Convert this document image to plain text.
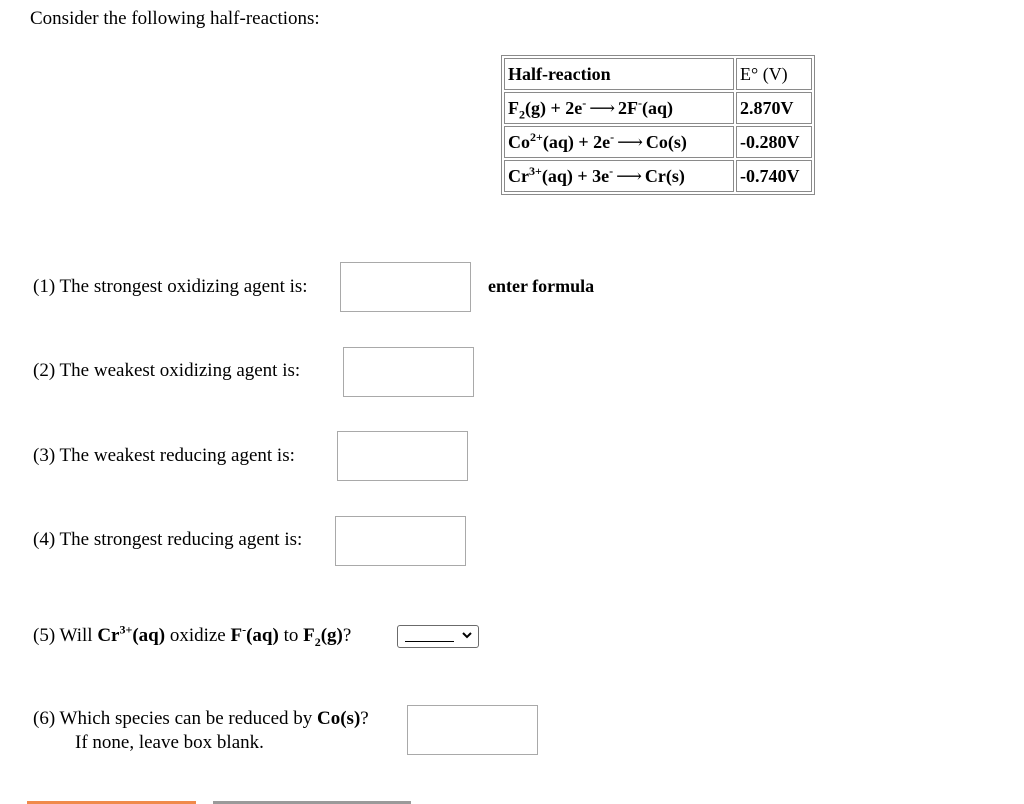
Consider the following half-reactions:
Half-reaction	E° (V)
$F_2(g) + 2e^-$ ⟶ 2F-(aq)	2.870V
$Co^{2+}(aq) + 2e^-$ ⟶ Co(s)	-0.280V
$Cr^{3+}(aq) + 3e^-$ ⟶ Cr(s)	-0.740V
(1) The strongest oxidizing agent is:	enter formula
(2) The weakest oxidizing agent is:
(3) The weakest reducing agent is:
(4) The strongest reducing agent is:
(5) Will $Cr^{3+}(aq)$ oxidize F-(aq) to $F_2(g)$?
(6) Which species can be reduced by Co(s)?
If none, leave box blank.
